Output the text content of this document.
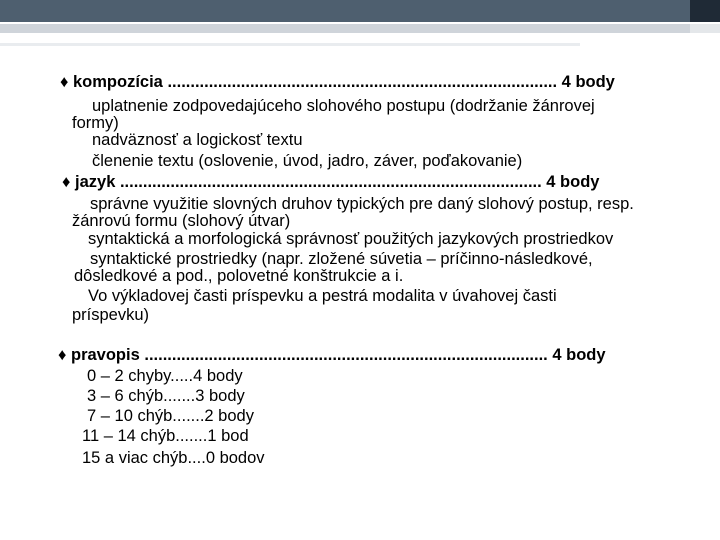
♦ kompozícia ..................................................................................... 4 body
uplatnenie zodpovedajúceho slohového postupu (dodržanie žánrovej
formy)
nadväznosť a logickosť textu
členenie textu (oslovenie, úvod, jadro, záver, poďakovanie)
♦ jazyk ............................................................................................ 4 body
správne využitie slovných druhov typických pre daný slohový postup, resp.
žánrovú formu (slohový útvar)
syntaktická a morfologická správnosť použitých jazykových prostriedkov
syntaktické prostriedky (napr. zložené súvetia – príčinno-následkové,
dôsledkové a pod., polovetné konštrukcie a i.
Vo výkladovej časti príspevku a pestrá modalita v úvahovej časti
príspevku)
♦ pravopis ........................................................................................ 4 body
0 – 2 chyby.....4 body
3 – 6 chýb.......3 body
7 – 10 chýb.......2 body
11 – 14 chýb.......1 bod
15 a viac chýb....0 bodov
